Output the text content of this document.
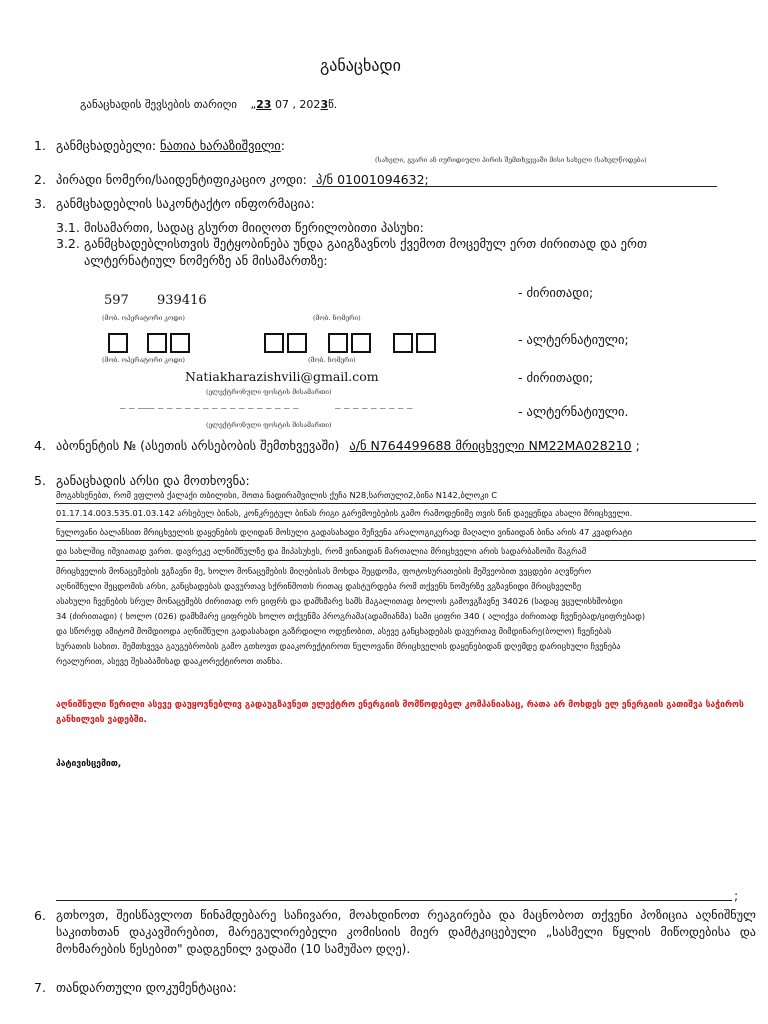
განაცხადი
განაცხადის შევსების თარიღი „23 07 , 2023წ.
1. განმცხადებელი: ნათია ხარაზიშვილი:
(სახელი, გვარი ან იურიდიული პირის შემთხვევაში მისი სახელი (სახელწოდება)
2. პირადი ნომერი/საიდენტიფიკაციო კოდი: პ/ნ 01001094632;
3. განმცხადებლის საკონტაქტო ინფორმაცია:
3.1. მისამართი, სადაც გსურთ მიიღოთ წერილობითი პასუხი:
3.2. განმცხადებლისთვის შეტყობინება უნდა გაიგზავნოს ქვემოთ მოცემულ ერთ ძირითად და ერთ
ალტერნატიულ ნომერზე ან მისამართზე:
597 939416
(მობ. ოპერატორი კოდი)	(მობ. ნომერი)
- ძირითადი;
(მობ. ოპერატორი კოდი)	(მობ. ნომერი)
- ალტერნატიული;
Natiakharazishvili@gmail.com
(ელექტრონული ფოსტის მისამართი)
- ძირითადი;
_ _ ___ _ _ _ _ _ _ _ _ _ _ _ _ _ _ _ _	_ _ _ _ _ _ _ _ _
(ელექტრონული ფოსტის მისამართი)
- ალტერნატიული.
4. აბონენტის № (ასეთის არსებობის შემთხვევაში) ა/ნ N764499688 მრიცხველი NM22MA028210 ;
5. განაცხადის არსი და მოთხოვნა:
მოგახსენებთ, რომ ვფლობ ქალაქი თბილისი, შოთა ნადირაშვილის ქუჩა N28,სართული2,ბინა N142,ბლოკი C
01.17.14.003.535.01.03.142 არსებულ ბინას, კონკრეტულ ბინას რიგი გარემოებების გამო რამოდენიმე თვის წინ დაეყენდა ახალი მრიცხველი.
ნულოვანი ბალანსით მრიცხველის დაყენების დღიდან მოსული გადასახადი მეჩვენა არალოგიკურად მაღალი ვინაიდან ბინა არის 47 კვადრატი
და სახლშიც იშვიათად ვართ. დავრეკე ალნიშნულზე და მიპასუხეს, რომ ვინაიდან მართალია მრიცხველი არის სადარბაზოში მაგრამ
მრიცხველის მონაცემების ვგზავნი მე, ხოლო მონაცემების მიღებისას მოხდა შეცდომა, ფოტოსურათების მეშვეობით ვეცდები აღვწერო
აღნიშნული შეცდომის არსი, განცხადებას დავურთავ სქრინშოთს რითაც დასტურდება რომ თქვენს ნომერზე ვგზავნიდი მრიცხველზე
ასახული ჩვენების სრულ მონაცემებს ძირითად ორ ციფრს და დამხმარე სამს მაგალითად ბოლოს გამოვგზავნე 34026 (სადაც ვცულისხმობდი
34 (ძირითადი) ( ხოლო (026) დამხმარე ციფრებს ხოლო თქვენმა პროგრამა(ადამიანმა) სამი ციფრი 340 ( ალიქვა ძირითად ჩვენებად/ციფრებად)
და სწორედ ამიტომ მომდიოდა აღნიშნული გადასახადი გაზრდილი ოდენობით, ასევე განცხადებას დავურთავ მიმდინარე(ბოლო) ჩვენებას
სურათის სახით. შემთხვევა გაუგებრობის გამო გთხოვთ დააკორექტიროთ ნულოვანი მრიცხველის დაყენებიდან დღემდე დარიცხული ჩვენება
რეალურით, ასევე შესაბამისად დააკორექტიროთ თანხა.
აღნიშნული წერილი ასევე დაუყოვნებლივ გადაუგზავნეთ ელექტრო ენერგიის მომწოდებელ კომპანიასაც, რათა არ მოხდეს ელ ენერგიის გათიშვა საჭიროს განხილვის ვადებში.
პატივისცემით,
;
6. გთხოვთ, შეისწავლოთ წინამდებარე საჩივარი, მოახდინოთ რეაგირება და მაცნობოთ თქვენი პოზიცია აღნიშნულ საკითხთან დაკავშირებით, მარეგულირებელი კომისიის მიერ დამტკიცებული „სასმელი წყლის მიწოდებისა და მოხმარების წესებით" დადგენილ ვადაში (10 სამუშაო დღე).
7. თანდართული დოკუმენტაცია:
